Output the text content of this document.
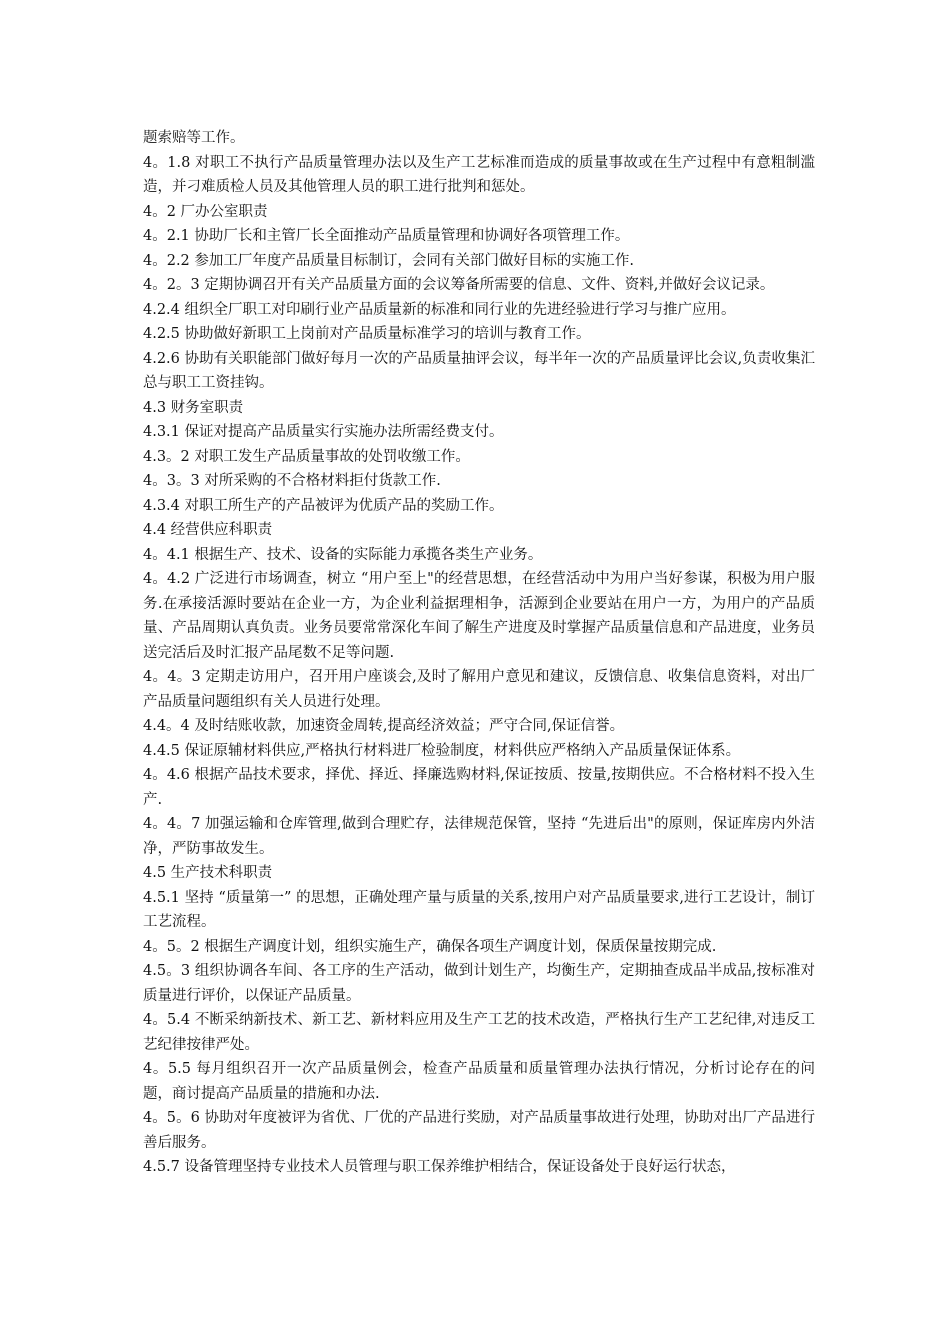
题索赔等工作。

4。1.8 对职工不执行产品质量管理办法以及生产工艺标准而造成的质量事故或在生产过程中有意粗制滥造，并刁难质检人员及其他管理人员的职工进行批判和惩处。

4。2 厂办公室职责

4。2.1 协助厂长和主管厂长全面推动产品质量管理和协调好各项管理工作。

4。2.2 参加工厂年度产品质量目标制订，会同有关部门做好目标的实施工作.

4。2。3 定期协调召开有关产品质量方面的会议筹备所需要的信息、文件、资料,并做好会议记录。

4.2.4 组织全厂职工对印刷行业产品质量新的标准和同行业的先进经验进行学习与推广应用。

4.2.5 协助做好新职工上岗前对产品质量标准学习的培训与教育工作。

4.2.6 协助有关职能部门做好每月一次的产品质量抽评会议，每半年一次的产品质量评比会议,负责收集汇总与职工工资挂钩。

4.3 财务室职责

4.3.1 保证对提高产品质量实行实施办法所需经费支付。

4.3。2 对职工发生产品质量事故的处罚收缴工作。

4。3。3 对所采购的不合格材料拒付货款工作.

4.3.4 对职工所生产的产品被评为优质产品的奖励工作。

4.4 经营供应科职责

4。4.1 根据生产、技术、设备的实际能力承揽各类生产业务。

4。4.2 广泛进行市场调查，树立 “用户至上"的经营思想，在经营活动中为用户当好参谋，积极为用户服务.在承接活源时要站在企业一方，为企业利益据理相争，活源到企业要站在用户一方，为用户的产品质量、产品周期认真负责。业务员要常常深化车间了解生产进度及时掌握产品质量信息和产品进度，业务员送完活后及时汇报产品尾数不足等问题.

4。4。3 定期走访用户，召开用户座谈会,及时了解用户意见和建议，反馈信息、收集信息资料，对出厂产品质量问题组织有关人员进行处理。

4.4。4 及时结账收款，加速资金周转,提高经济效益；严守合同,保证信誉。

4.4.5 保证原辅材料供应,严格执行材料进厂检验制度，材料供应严格纳入产品质量保证体系。

4。4.6 根据产品技术要求，择优、择近、择廉选购材料,保证按质、按量,按期供应。不合格材料不投入生产.

4。4。7 加强运输和仓库管理,做到合理贮存，法律规范保管，坚持 “先进后出"的原则，保证库房内外洁净，严防事故发生。

4.5 生产技术科职责

4.5.1 坚持 “质量第一” 的思想，正确处理产量与质量的关系,按用户对产品质量要求,进行工艺设计，制订工艺流程。

4。5。2 根据生产调度计划，组织实施生产，确保各项生产调度计划，保质保量按期完成.

4.5。3 组织协调各车间、各工序的生产活动，做到计划生产，均衡生产，定期抽查成品半成品,按标准对质量进行评价，以保证产品质量。

4。5.4 不断采纳新技术、新工艺、新材料应用及生产工艺的技术改造，严格执行生产工艺纪律,对违反工艺纪律按律严处。

4。5.5 每月组织召开一次产品质量例会，检查产品质量和质量管理办法执行情况，分析讨论存在的问题，商讨提高产品质量的措施和办法.

4。5。6 协助对年度被评为省优、厂优的产品进行奖励，对产品质量事故进行处理，协助对出厂产品进行善后服务。

4.5.7 设备管理坚持专业技术人员管理与职工保养维护相结合，保证设备处于良好运行状态，
